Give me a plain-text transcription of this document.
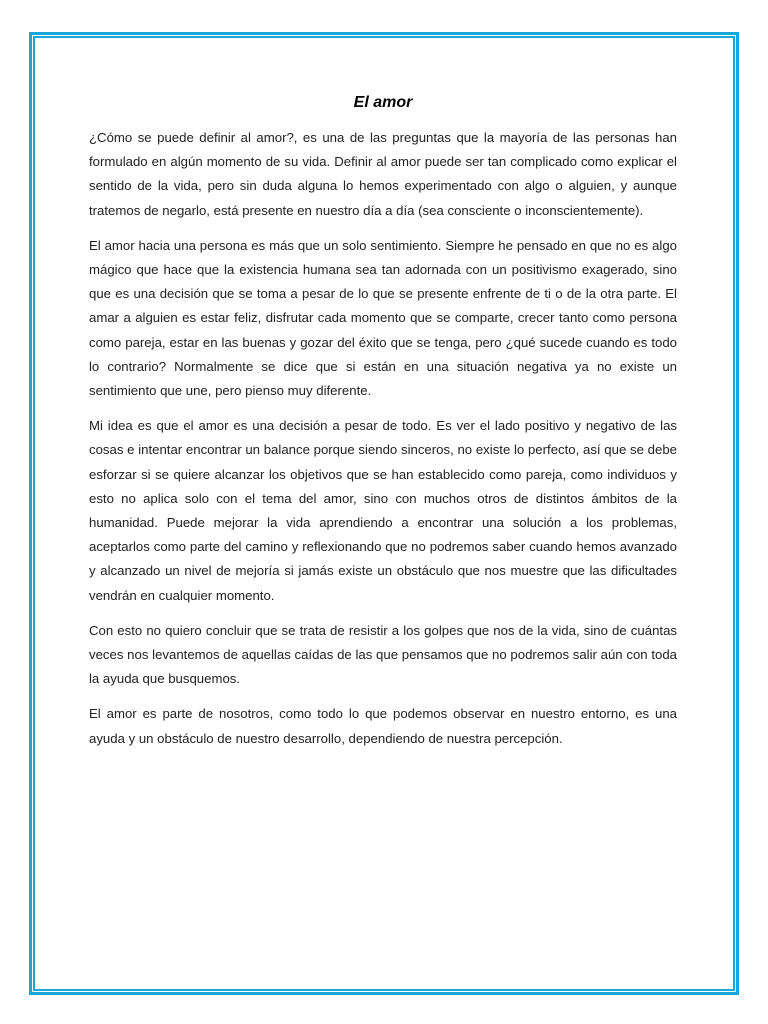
El amor

¿Cómo se puede definir al amor?, es una de las preguntas que la mayoría de las personas han formulado en algún momento de su vida. Definir al amor puede ser tan complicado como explicar el sentido de la vida, pero sin duda alguna lo hemos experimentado con algo o alguien, y aunque tratemos de negarlo, está presente en nuestro día a día (sea consciente o inconscientemente).

El amor hacia una persona es más que un solo sentimiento. Siempre he pensado en que no es algo mágico que hace que la existencia humana sea tan adornada con un positivismo exagerado, sino que es una decisión que se toma a pesar de lo que se presente enfrente de ti o de la otra parte. El amar a alguien es estar feliz, disfrutar cada momento que se comparte, crecer tanto como persona como pareja, estar en las buenas y gozar del éxito que se tenga, pero ¿qué sucede cuando es todo lo contrario? Normalmente se dice que si están en una situación negativa ya no existe un sentimiento que une, pero pienso muy diferente.

Mi idea es que el amor es una decisión a pesar de todo. Es ver el lado positivo y negativo de las cosas e intentar encontrar un balance porque siendo sinceros, no existe lo perfecto, así que se debe esforzar si se quiere alcanzar los objetivos que se han establecido como pareja, como individuos y esto no aplica solo con el tema del amor, sino con muchos otros de distintos ámbitos de la humanidad. Puede mejorar la vida aprendiendo a encontrar una solución a los problemas, aceptarlos como parte del camino y reflexionando que no podremos saber cuando hemos avanzado y alcanzado un nivel de mejoría si jamás existe un obstáculo que nos muestre que las dificultades vendrán en cualquier momento.

Con esto no quiero concluir que se trata de resistir a los golpes que nos de la vida, sino de cuántas veces nos levantemos de aquellas caídas de las que pensamos que no podremos salir aún con toda la ayuda que busquemos.

El amor es parte de nosotros, como todo lo que podemos observar en nuestro entorno, es una ayuda y un obstáculo de nuestro desarrollo, dependiendo de nuestra percepción.
